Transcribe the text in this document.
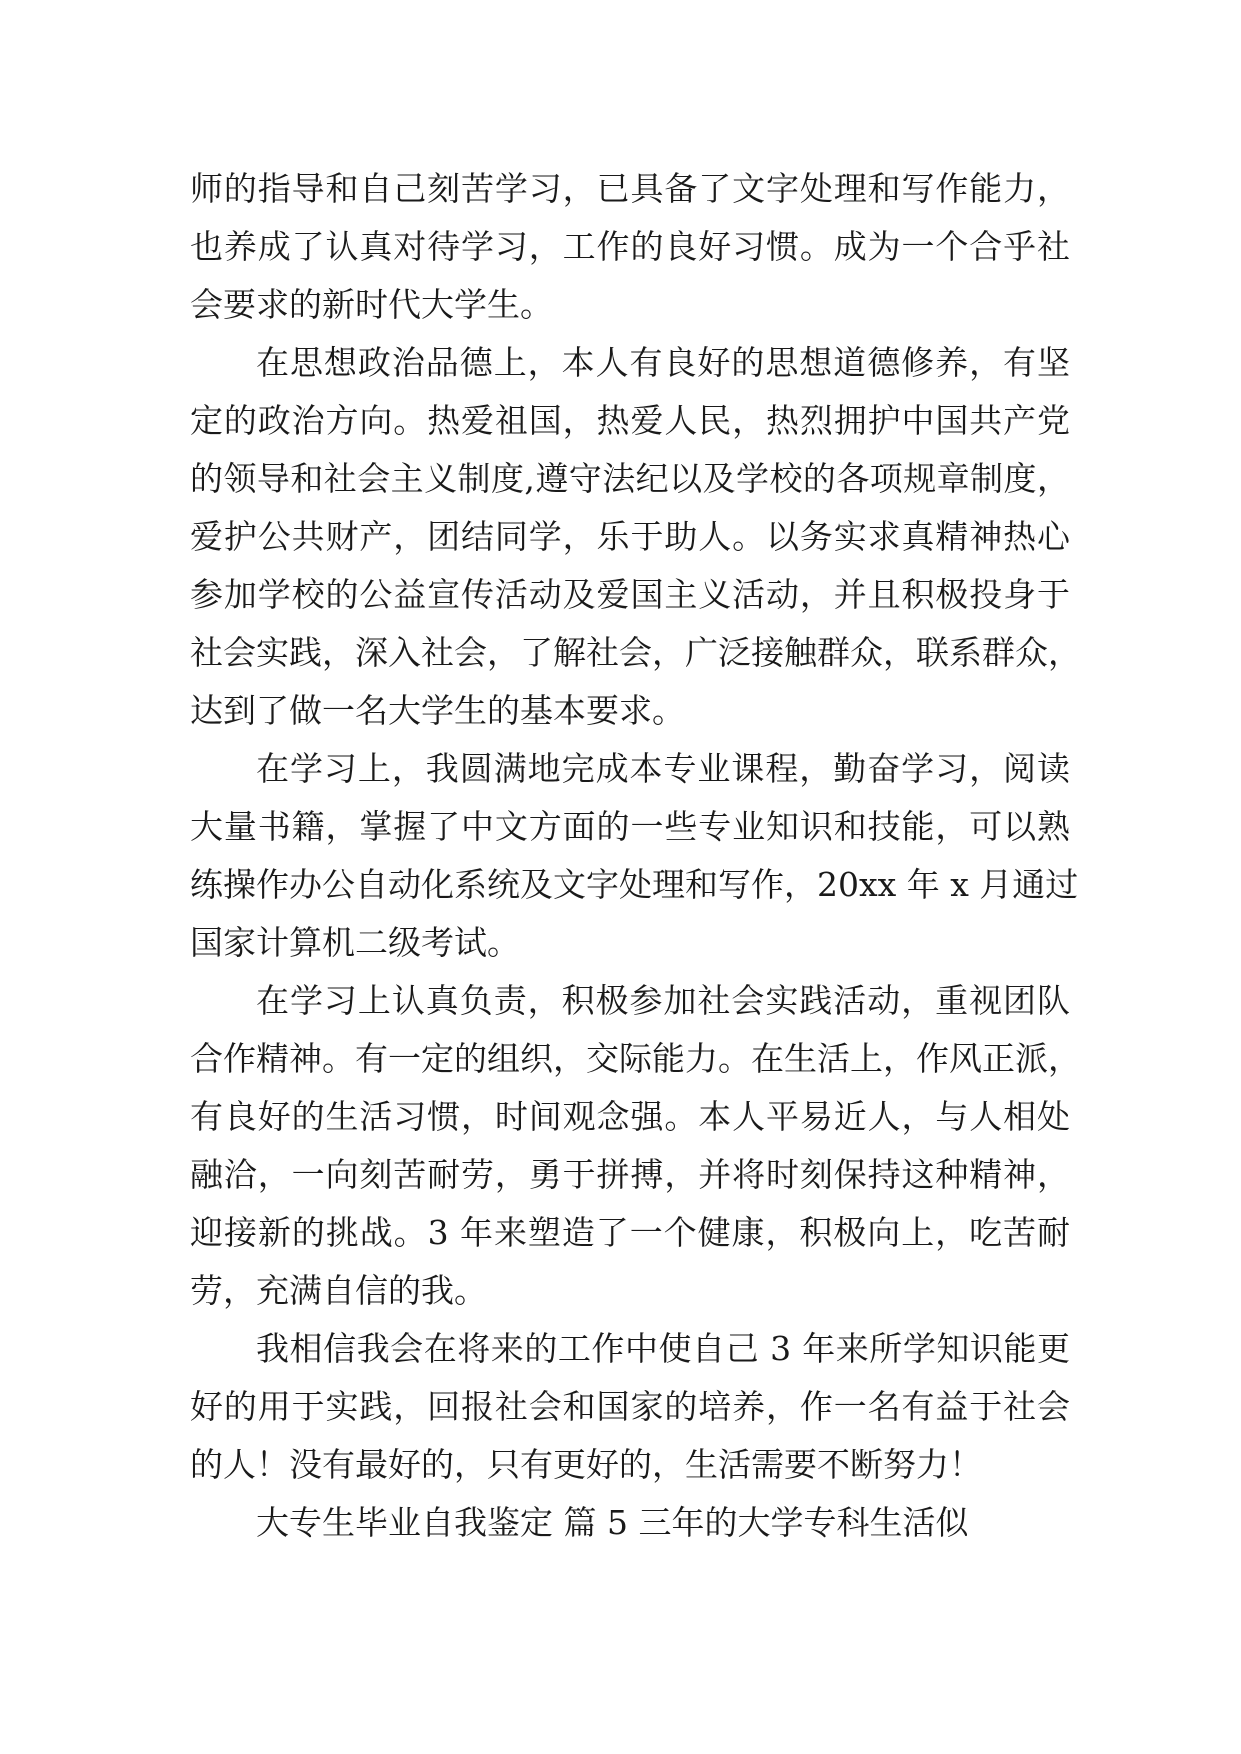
师的指导和自己刻苦学习，已具备了文字处理和写作能力，
也养成了认真对待学习，工作的良好习惯。成为一个合乎社
会要求的新时代大学生。
在思想政治品德上，本人有良好的思想道德修养，有坚
定的政治方向。热爱祖国，热爱人民，热烈拥护中国共产党
的领导和社会主义制度,遵守法纪以及学校的各项规章制度，
爱护公共财产，团结同学，乐于助人。以务实求真精神热心
参加学校的公益宣传活动及爱国主义活动，并且积极投身于
社会实践，深入社会，了解社会，广泛接触群众，联系群众，
达到了做一名大学生的基本要求。
在学习上，我圆满地完成本专业课程，勤奋学习，阅读
大量书籍，掌握了中文方面的一些专业知识和技能，可以熟
练操作办公自动化系统及文字处理和写作，20xx 年 x 月通过
国家计算机二级考试。
在学习上认真负责，积极参加社会实践活动，重视团队
合作精神。有一定的组织，交际能力。在生活上，作风正派，
有良好的生活习惯，时间观念强。本人平易近人，与人相处
融洽，一向刻苦耐劳，勇于拼搏，并将时刻保持这种精神，
迎接新的挑战。3 年来塑造了一个健康，积极向上，吃苦耐
劳，充满自信的我。
我相信我会在将来的工作中使自己 3 年来所学知识能更
好的用于实践，回报社会和国家的培养，作一名有益于社会
的人！没有最好的，只有更好的，生活需要不断努力！
大专生毕业自我鉴定 篇 5 三年的大学专科生活似
